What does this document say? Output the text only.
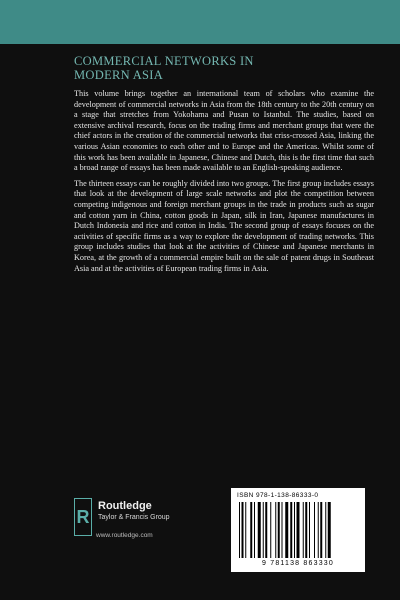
COMMERCIAL NETWORKS IN
MODERN ASIA

This volume brings together an international team of scholars who examine the development of commercial networks in Asia from the 18th century to the 20th century on a stage that stretches from Yokohama and Pusan to Istanbul. The studies, based on extensive archival research, focus on the trading firms and merchant groups that were the chief actors in the creation of the commercial networks that criss-crossed Asia, linking the various Asian economies to each other and to Europe and the Americas. Whilst some of this work has been available in Japanese, Chinese and Dutch, this is the first time that such a broad range of essays has been made available to an English-speaking audience.

The thirteen essays can be roughly divided into two groups. The first group includes essays that look at the development of large scale networks and plot the competition between competing indigenous and foreign merchant groups in the trade in products such as sugar and cotton yarn in China, cotton goods in Japan, silk in Iran, Japanese manufactures in Dutch Indonesia and rice and cotton in India. The second group of essays focuses on the activities of specific firms as a way to explore the development of trading networks. This group includes studies that look at the activities of Chinese and Japanese merchants in Korea, at the growth of a commercial empire built on the sale of patent drugs in Southeast Asia and at the activities of European trading firms in Asia.

R
Routledge
Taylor & Francis Group
www.routledge.com
ISBN 978-1-138-86333-0
9 781138 863330
